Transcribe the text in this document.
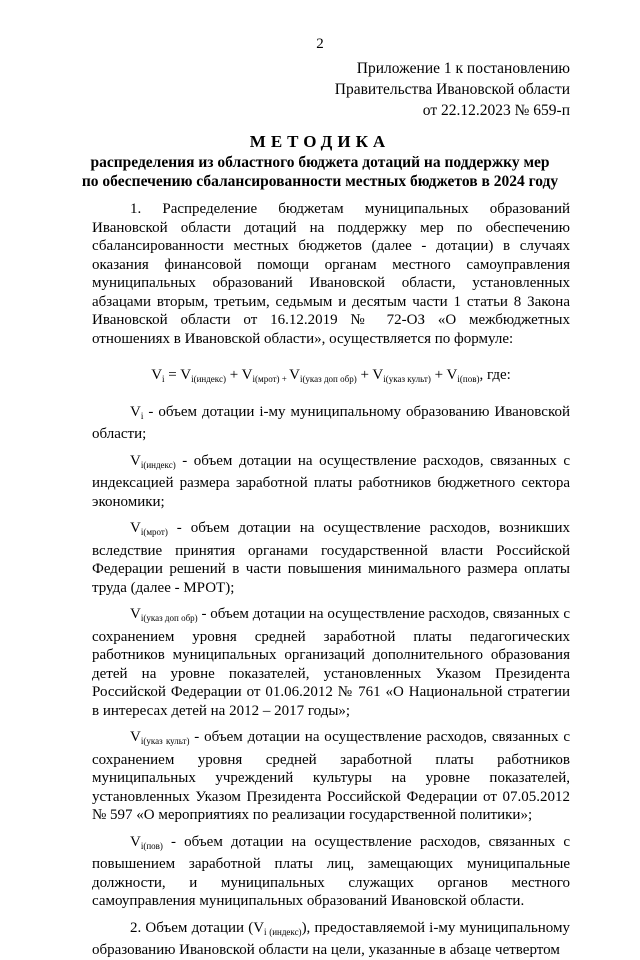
2
Приложение 1 к постановлению
Правительства Ивановской области
от 22.12.2023 № 659-п
МЕТОДИКА
распределения из областного бюджета дотаций на поддержку мер
по обеспечению сбалансированности местных бюджетов в 2024 году

1. Распределение бюджетам муниципальных образований Ивановской области дотаций на поддержку мер по обеспечению сбалансированности местных бюджетов (далее - дотации) в случаях оказания финансовой помощи органам местного самоуправления муниципальных образований Ивановской области, установленных абзацами вторым, третьим, седьмым и десятым части 1 статьи 8 Закона Ивановской области от 16.12.2019 № 72-ОЗ «О межбюджетных отношениях в Ивановской области», осуществляется по формуле:

$V_i = V_{i(индекс)} + V_{i(мрот)}$ $_+$ $V_{i(указ доп обр)} + V_{i(указ культ)} + V_{i(пов)}$, где:

$V_i$ - объем дотации i-му муниципальному образованию Ивановской области;

$V_{i(индекс)}$ - объем дотации на осуществление расходов, связанных с индексацией размера заработной платы работников бюджетного сектора экономики;

$V_{i(мрот)}$ - объем дотации на осуществление расходов, возникших вследствие принятия органами государственной власти Российской Федерации решений в части повышения минимального размера оплаты труда (далее - МРОТ);

$V_{i(указ доп обр)}$ - объем дотации на осуществление расходов, связанных с сохранением уровня средней заработной платы педагогических работников муниципальных организаций дополнительного образования детей на уровне показателей, установленных Указом Президента Российской Федерации от 01.06.2012 № 761 «О Национальной стратегии в интересах детей на 2012 – 2017 годы»;

$V_{i(указ культ)}$ - объем дотации на осуществление расходов, связанных с сохранением уровня средней заработной платы работников муниципальных учреждений культуры на уровне показателей, установленных Указом Президента Российской Федерации от 07.05.2012 № 597 «О мероприятиях по реализации государственной политики»;

$V_{i(пов)}$ - объем дотации на осуществление расходов, связанных с повышением заработной платы лиц, замещающих муниципальные должности, и муниципальных служащих органов местного самоуправления муниципальных образований Ивановской области.

2. Объем дотации $(V_{i (индекс)})$, предоставляемой i-му муниципальному образованию Ивановской области на цели, указанные в абзаце четвертом
